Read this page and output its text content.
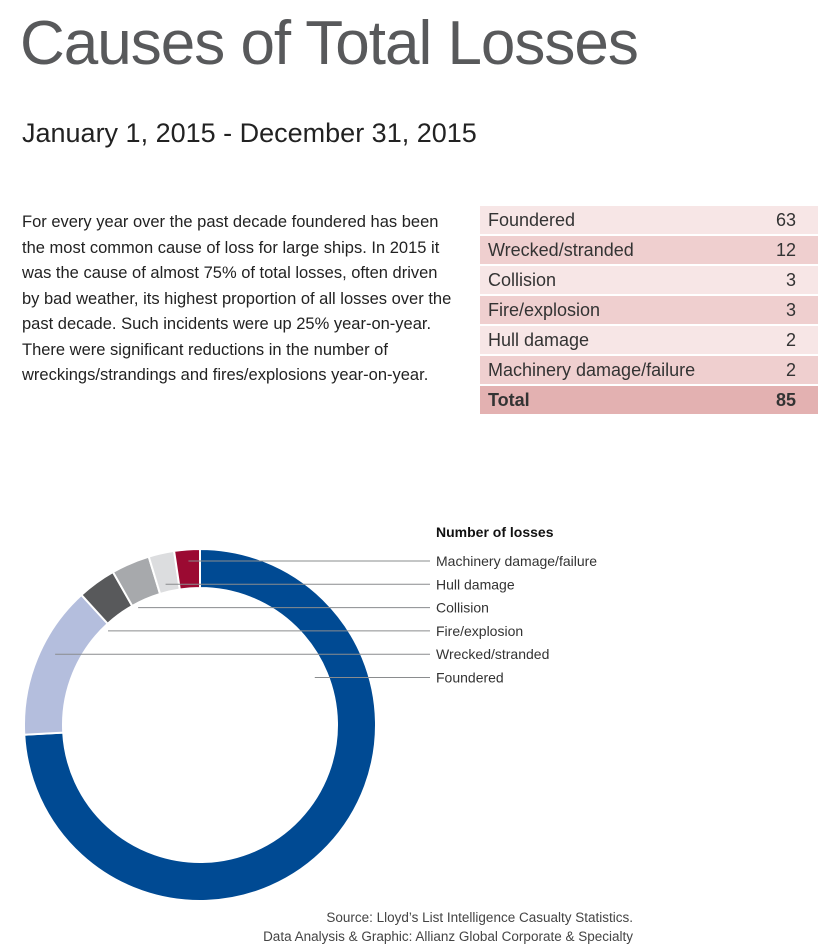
Causes of Total Losses
January 1, 2015 - December 31, 2015
For every year over the past decade foundered has been the most common cause of loss for large ships. In 2015 it was the cause of almost 75% of total losses, often driven by bad weather, its highest proportion of all losses over the past decade. Such incidents were up 25% year-on-year. There were significant reductions in the number of wreckings/strandings and fires/explosions year-on-year.
Foundered	63
Wrecked/stranded	12
Collision	3
Fire/explosion	3
Hull damage	2
Machinery damage/failure	2
Total	85
Number of losses
Machinery damage/failure
Hull damage
Collision
Fire/explosion
Wrecked/stranded
Foundered
Source: Lloyd’s List Intelligence Casualty Statistics.
Data Analysis & Graphic: Allianz Global Corporate & Specialty
